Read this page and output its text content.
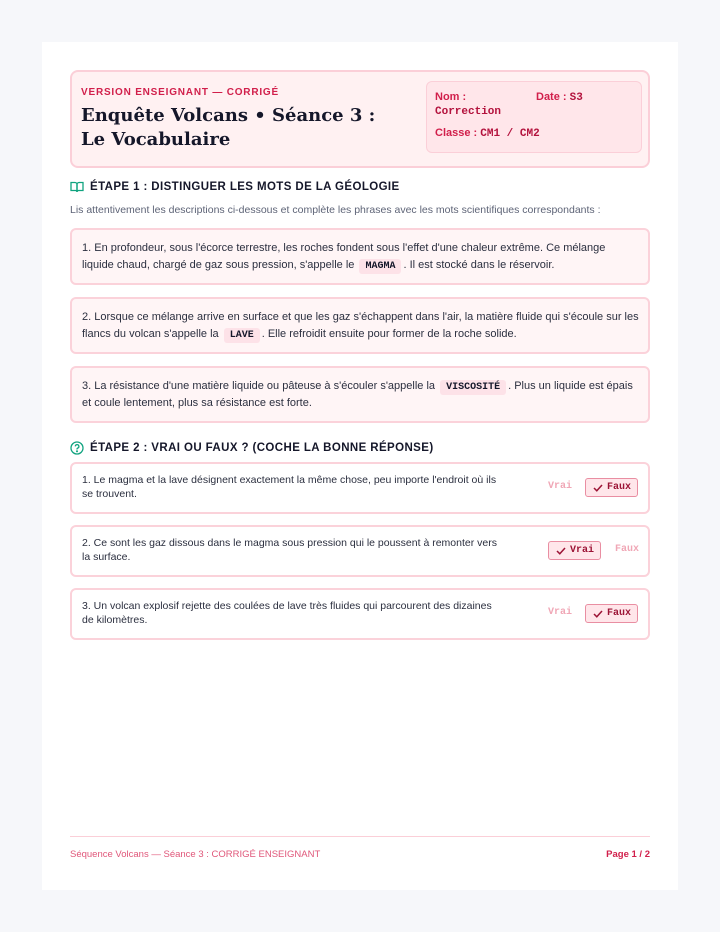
VERSION ENSEIGNANT — CORRIGÉ
Enquête Volcans • Séance 3 : Le Vocabulaire
Nom :	Date : S3
Correction
Classe : CM1 / CM2
ÉTAPE 1 : DISTINGUER LES MOTS DE LA GÉOLOGIE
Lis attentivement les descriptions ci-dessous et complète les phrases avec les mots scientifiques correspondants :
1. En profondeur, sous l'écorce terrestre, les roches fondent sous l'effet d'une chaleur extrême. Ce mélange liquide chaud, chargé de gaz sous pression, s'appelle le MAGMA . Il est stocké dans le réservoir.
2. Lorsque ce mélange arrive en surface et que les gaz s'échappent dans l'air, la matière fluide qui s'écoule sur les flancs du volcan s'appelle la LAVE . Elle refroidit ensuite pour former de la roche solide.
3. La résistance d'une matière liquide ou pâteuse à s'écouler s'appelle la VISCOSITÉ . Plus un liquide est épais et coule lentement, plus sa résistance est forte.
ÉTAPE 2 : VRAI OU FAUX ? (COCHE LA BONNE RÉPONSE)
1. Le magma et la lave désignent exactement la même chose, peu importe l'endroit où ils se trouvent.
Vrai	Faux
2. Ce sont les gaz dissous dans le magma sous pression qui le poussent à remonter vers la surface.
Vrai Faux
3. Un volcan explosif rejette des coulées de lave très fluides qui parcourent des dizaines de kilomètres.
Vrai	Faux
Séquence Volcans — Séance 3 : CORRIGÉ ENSEIGNANT	Page 1 / 2
